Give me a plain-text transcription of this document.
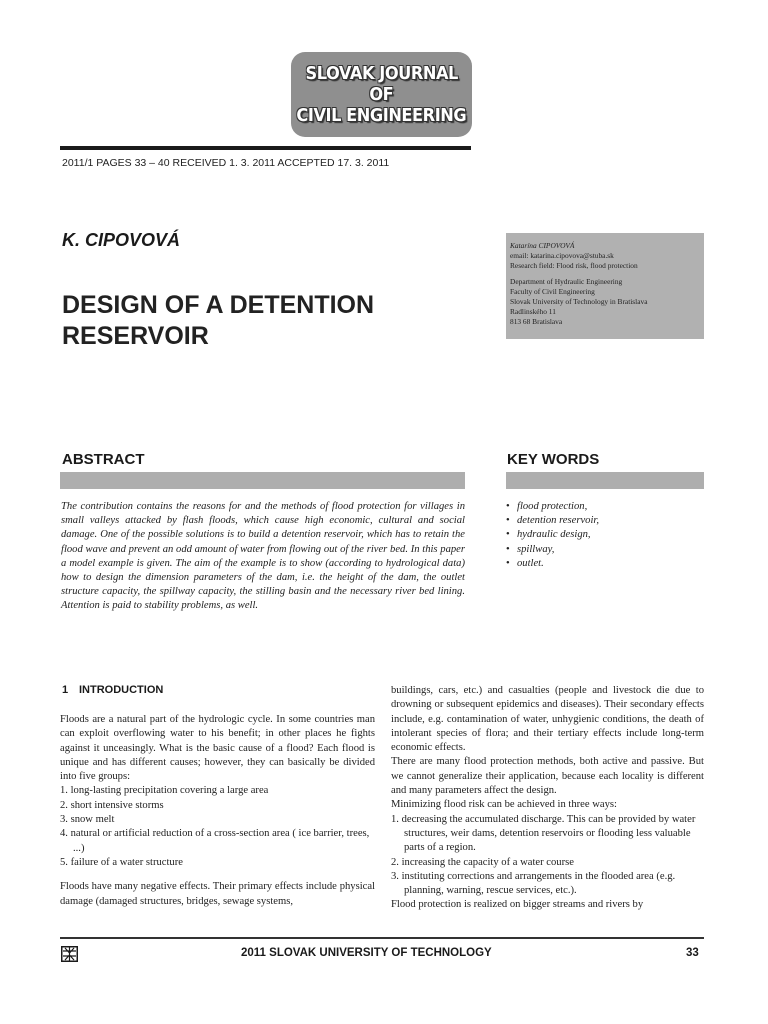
SLOVAK JOURNAL
OF
CIVIL ENGINEERING
2011/1 PAGES 33 – 40 RECEIVED 1. 3. 2011 ACCEPTED 17. 3. 2011
K. CIPOVOVÁ
DESIGN OF A DETENTION
RESERVOIR
Katarína CIPOVOVÁ
email: katarina.cipovova@stuba.sk
Research field: Flood risk, flood protection
Department of Hydraulic Engineering
Faculty of Civil Engineering
Slovak University of Technology in Bratislava
Radlinského 11
813 68 Bratislava
ABSTRACT
The contribution contains the reasons for and the methods of flood protection for villages in small valleys attacked by flash floods, which cause high economic, cultural and social damage. One of the possible solutions is to build a detention reservoir, which has to retain the flood wave and prevent an odd amount of water from flowing out of the river bed. In this paper a model example is given. The aim of the example is to show (according to hydrological data) how to design the dimension parameters of the dam, i.e. the height of the dam, the outlet structure capacity, the spillway capacity, the stilling basin and the necessary river bed lining. Attention is paid to stability problems, as well.
KEY WORDS
• flood protection,
• detention reservoir,
• hydraulic design,
• spillway,
• outlet.
1 INTRODUCTION

Floods are a natural part of the hydrologic cycle. In some countries man can exploit overflowing water to his benefit; in other places he fights against it unceasingly. What is the basic cause of a flood? Each flood is unique and has different causes; however, they can basically be divided into five groups:

1. long-lasting precipitation covering a large area
2. short intensive storms
3. snow melt
4. natural or artificial reduction of a cross-section area ( ice barrier, trees, ...)
5. failure of a water structure

Floods have many negative effects. Their primary effects include physical damage (damaged structures, bridges, sewage systems,

buildings, cars, etc.) and casualties (people and livestock die due to drowning or subsequent epidemics and diseases). Their secondary effects include, e.g. contamination of water, unhygienic conditions, the death of intolerant species of flora; and their tertiary effects include long-term economic effects.

There are many flood protection methods, both active and passive. But we cannot generalize their application, because each locality is different and many parameters affect the design.

Minimizing flood risk can be achieved in three ways:

1. decreasing the accumulated discharge. This can be provided by water structures, weir dams, detention reservoirs or flooding less valuable parts of a region.
2. increasing the capacity of a water course
3. instituting corrections and arrangements in the flooded area (e.g. planning, warning, rescue services, etc.).

Flood protection is realized on bigger streams and rivers by

2011 SLOVAK UNIVERSITY OF TECHNOLOGY	33
